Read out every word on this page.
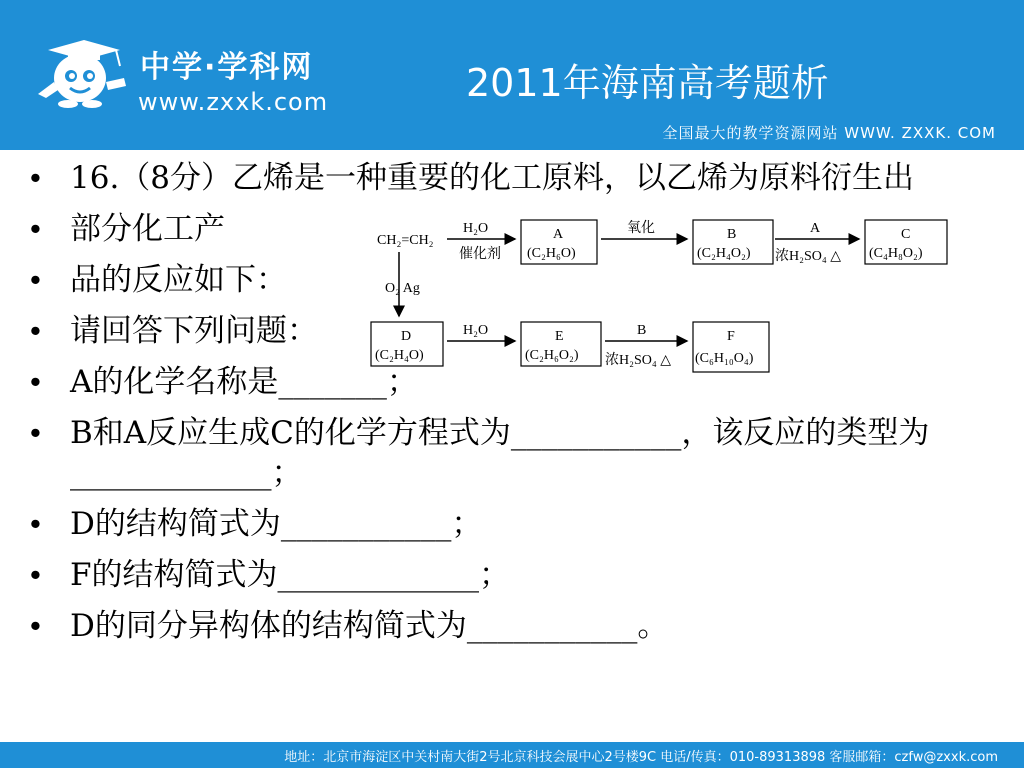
中学·学科网
www.zxxk.com	2011年海南高考题析
全国最大的教学资源网站 WWW. ZXXK. COM
• 16.（8分）乙烯是一种重要的化工原料，以乙烯为原料衍生出
• 部分化工产
• 品的反应如下：
• 请回答下列问题：
• A的化学名称是_______；
• B和A反应生成C的化学方程式为___________，该反应的类型为_____________；
• D的结构简式为___________；
• F的结构简式为_____________；
• D的同分异构体的结构简式为___________。
CH₂=CH₂
H₂O
催化剂
A
(C₂H₆O)
氧化	B
(C₂H₄O₂)
A
浓H₂SO₄ △
C
(C₄H₈O₂)
O₂ Ag
D
(C₂H₄O)
H₂O	E
(C₂H₆O₂)
B
浓H₂SO₄ △
F
(C₆H₁₀O₄)
地址：北京市海淀区中关村南大街2号北京科技会展中心2号楼9C 电话/传真：010-89313898 客服邮箱：czfw@zxxk.com
